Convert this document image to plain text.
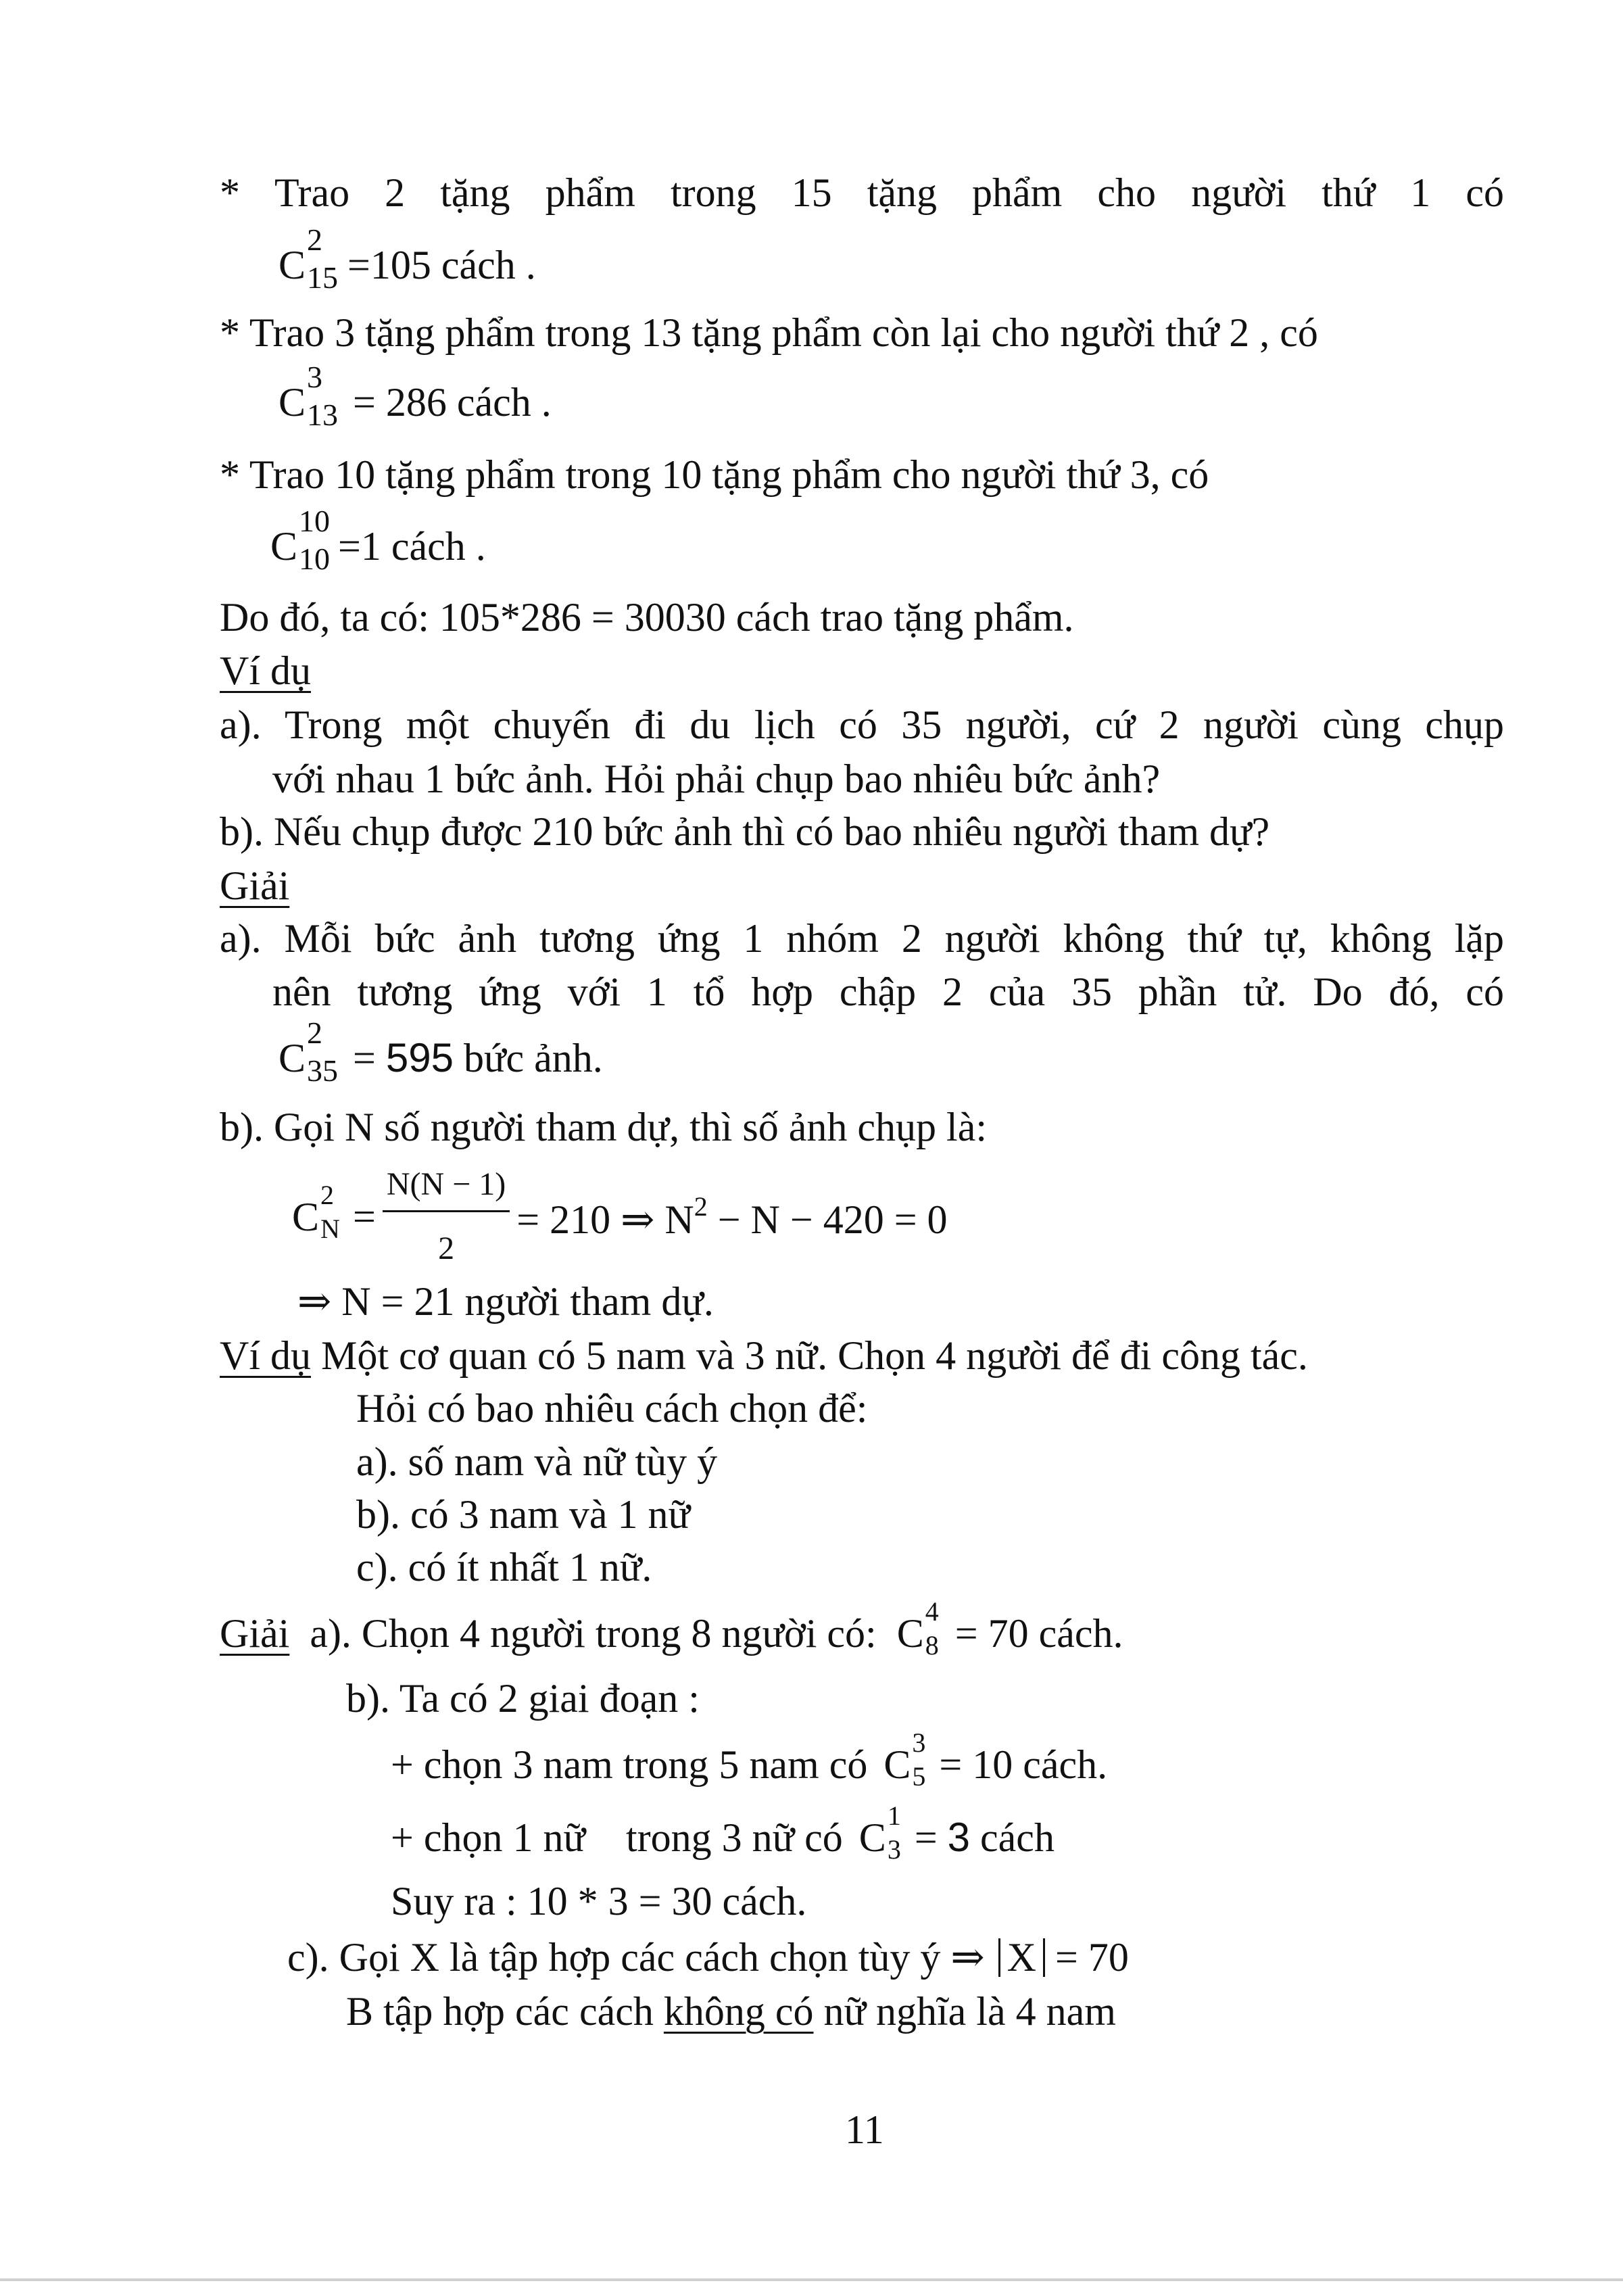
* Trao 2 tặng phẩm trong 15 tặng phẩm cho người thứ 1 có
C
2
15 =105 cách .
* Trao 3 tặng phẩm trong 13 tặng phẩm còn lại cho người thứ 2 , có
C
3
13 = 286 cách .
* Trao 10 tặng phẩm trong 10 tặng phẩm cho người thứ 3, có
C
10
10 =1 cách .
Do đó, ta có: 105*286 = 30030 cách trao tặng phẩm.
Ví dụ
a). Trong một chuyến đi du lịch có 35 người, cứ 2 người cùng chụp
với nhau 1 bức ảnh. Hỏi phải chụp bao nhiêu bức ảnh?
b). Nếu chụp được 210 bức ảnh thì có bao nhiêu người tham dự?
Giải
a). Mỗi bức ảnh tương ứng 1 nhóm 2 người không thứ tự, không lặp
nên tương ứng với 1 tổ hợp chập 2 của 35 phần tử. Do đó, có
C
2
35 = 595 bức ảnh.
b). Gọi N số người tham dự, thì số ảnh chụp là:
C 2
$N = \frac{N(N - 1)}{2} = 210$ ⇒ $N^2 - N - 420 = 0$
⇒ N = 21 người tham dự.
Ví dụ Một cơ quan có 5 nam và 3 nữ. Chọn 4 người để đi công tác.
Hỏi có bao nhiêu cách chọn để:
a). số nam và nữ tùy ý
b). có 3 nam và 1 nữ
c). có ít nhất 1 nữ.
Giải a). Chọn 4 người trong 8 người có: C 4
8 = 70 cách.
b). Ta có 2 giai đoạn :
+ chọn 3 nam trong 5 nam có C 3
5 = 10 cách.
+ chọn 1 nữ    trong 3 nữ có C 1
3 = 3 cách
Suy ra : 10 * 3 = 30 cách.
c). Gọi X là tập hợp các cách chọn tùy ý ⇒ X = 70
B tập hợp các cách không có nữ nghĩa là 4 nam
11
